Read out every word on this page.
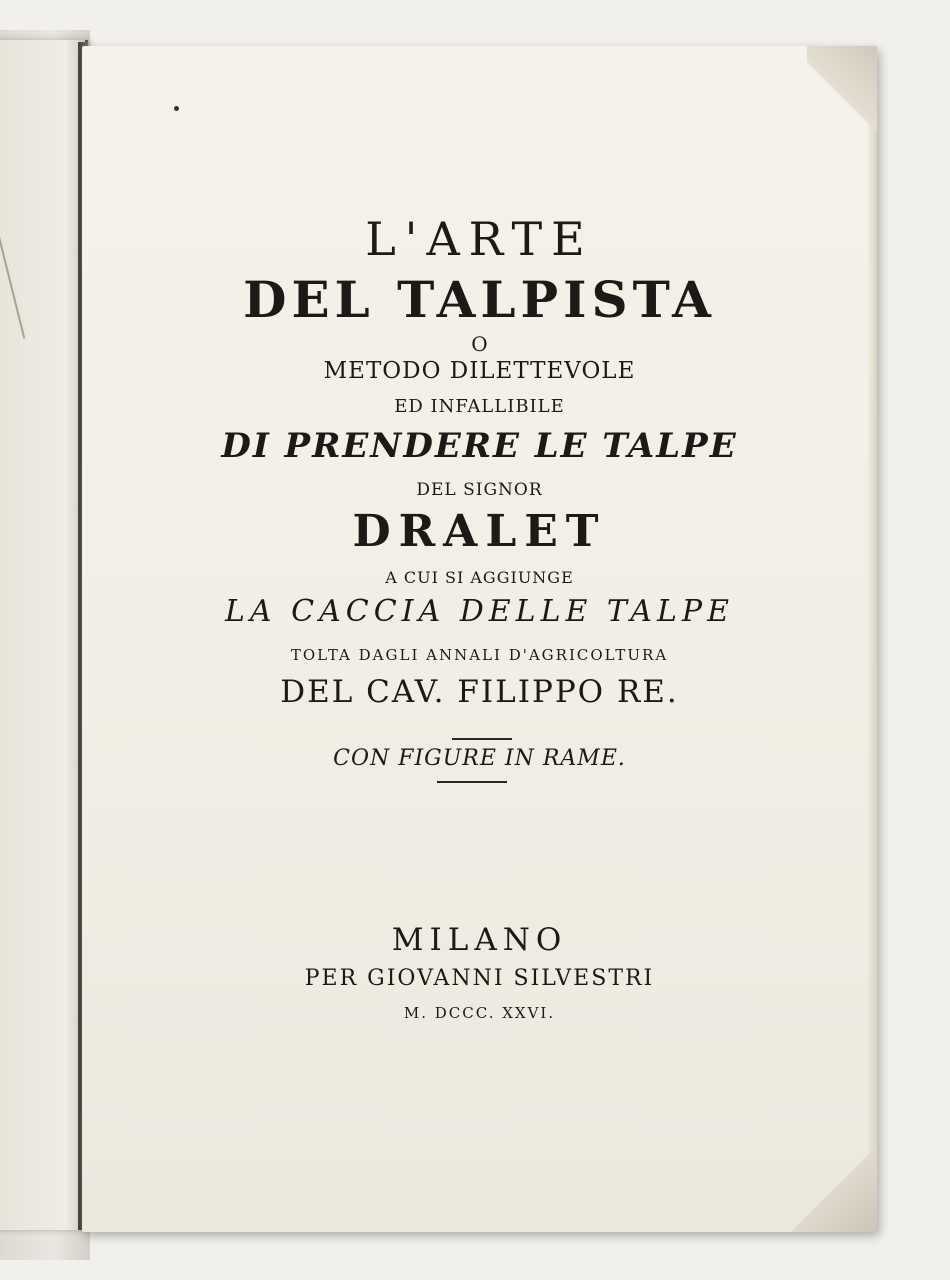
L'ARTE
DEL TALPISTA
O
METODO DILETTEVOLE
ED INFALLIBILE
DI PRENDERE LE TALPE
DEL SIGNOR
DRALET
A CUI SI AGGIUNGE
LA CACCIA DELLE TALPE
TOLTA DAGLI ANNALI D'AGRICOLTURA
DEL CAV. FILIPPO RE.
CON FIGURE IN RAME.
MILANO
PER GIOVANNI SILVESTRI
M. DCCC. XXVI.
